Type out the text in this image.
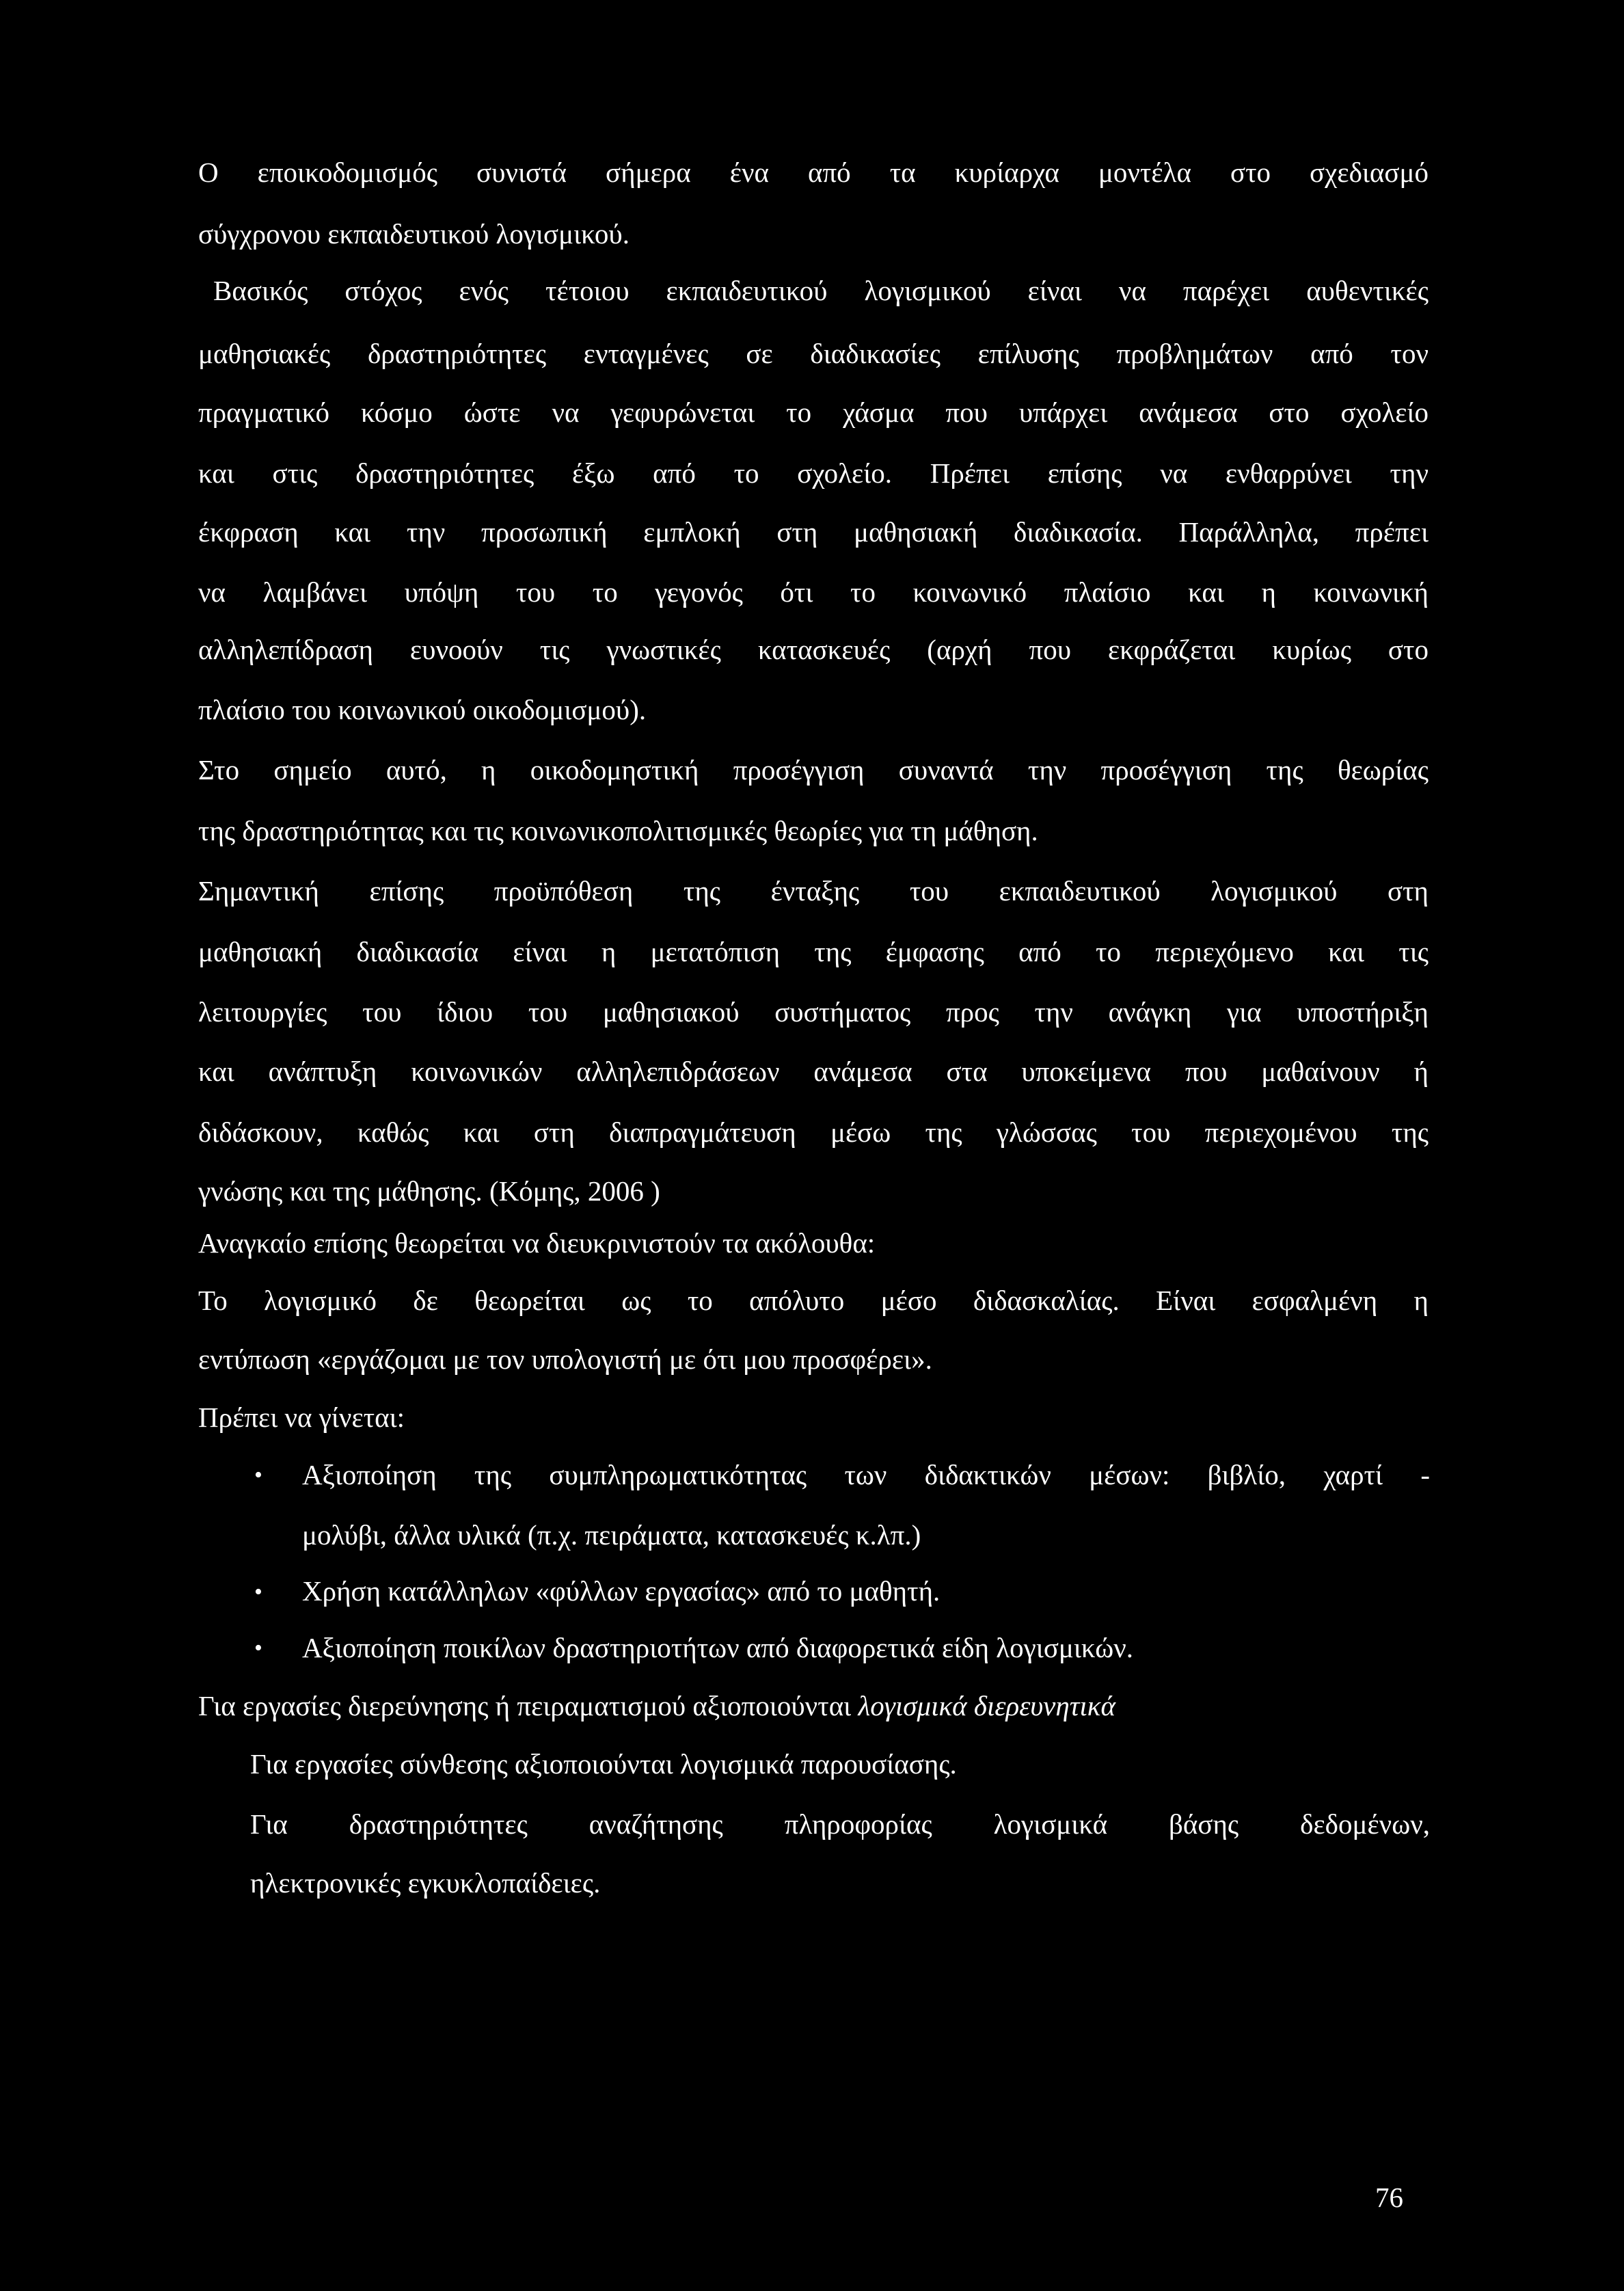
Ο εποικοδομισμός συνιστά σήμερα ένα από τα κυρίαρχα μοντέλα στο σχεδιασμό
σύγχρονου εκπαιδευτικού λογισμικού.
Βασικός στόχος ενός τέτοιου εκπαιδευτικού λογισμικού είναι να παρέχει αυθεντικές
μαθησιακές δραστηριότητες ενταγμένες σε διαδικασίες επίλυσης προβλημάτων από τον
πραγματικό κόσμο ώστε να γεφυρώνεται το χάσμα που υπάρχει ανάμεσα στο σχολείο
και στις δραστηριότητες έξω από το σχολείο. Πρέπει επίσης να ενθαρρύνει την
έκφραση και την προσωπική εμπλοκή στη μαθησιακή διαδικασία. Παράλληλα, πρέπει
να λαμβάνει υπόψη του το γεγονός ότι το κοινωνικό πλαίσιο και η κοινωνική
αλληλεπίδραση ευνοούν τις γνωστικές κατασκευές (αρχή που εκφράζεται κυρίως στο
πλαίσιο του κοινωνικού οικοδομισμού).
Στο σημείο αυτό, η οικοδομηστική προσέγγιση συναντά την προσέγγιση της θεωρίας
της δραστηριότητας και τις κοινωνικοπολιτισμικές θεωρίες για τη μάθηση.
Σημαντική επίσης προϋπόθεση της ένταξης του εκπαιδευτικού λογισμικού στη
μαθησιακή διαδικασία είναι η μετατόπιση της έμφασης από το περιεχόμενο και τις
λειτουργίες του ίδιου του μαθησιακού συστήματος προς την ανάγκη για υποστήριξη
και ανάπτυξη κοινωνικών αλληλεπιδράσεων ανάμεσα στα υποκείμενα που μαθαίνουν ή
διδάσκουν, καθώς και στη διαπραγμάτευση μέσω της γλώσσας του περιεχομένου της
γνώσης και της μάθησης. (Κόμης, 2006 )
Αναγκαίο επίσης θεωρείται να διευκρινιστούν τα ακόλουθα:
Το λογισμικό δε θεωρείται ως το απόλυτο μέσο διδασκαλίας. Είναι εσφαλμένη η
εντύπωση «εργάζομαι με τον υπολογιστή με ότι μου προσφέρει».
Πρέπει να γίνεται:
• Αξιοποίηση της συμπληρωματικότητας των διδακτικών μέσων: βιβλίο, χαρτί -
μολύβι, άλλα υλικά (π.χ. πειράματα, κατασκευές κ.λπ.)
• Χρήση κατάλληλων «φύλλων εργασίας» από το μαθητή.
• Αξιοποίηση ποικίλων δραστηριοτήτων από διαφορετικά είδη λογισμικών.
Για εργασίες διερεύνησης ή πειραματισμού αξιοποιούνται λογισμικά διερευνητικά
Για εργασίες σύνθεσης αξιοποιούνται λογισμικά παρουσίασης.
Για δραστηριότητες αναζήτησης πληροφορίας λογισμικά βάσης δεδομένων,
ηλεκτρονικές εγκυκλοπαίδειες.
76
